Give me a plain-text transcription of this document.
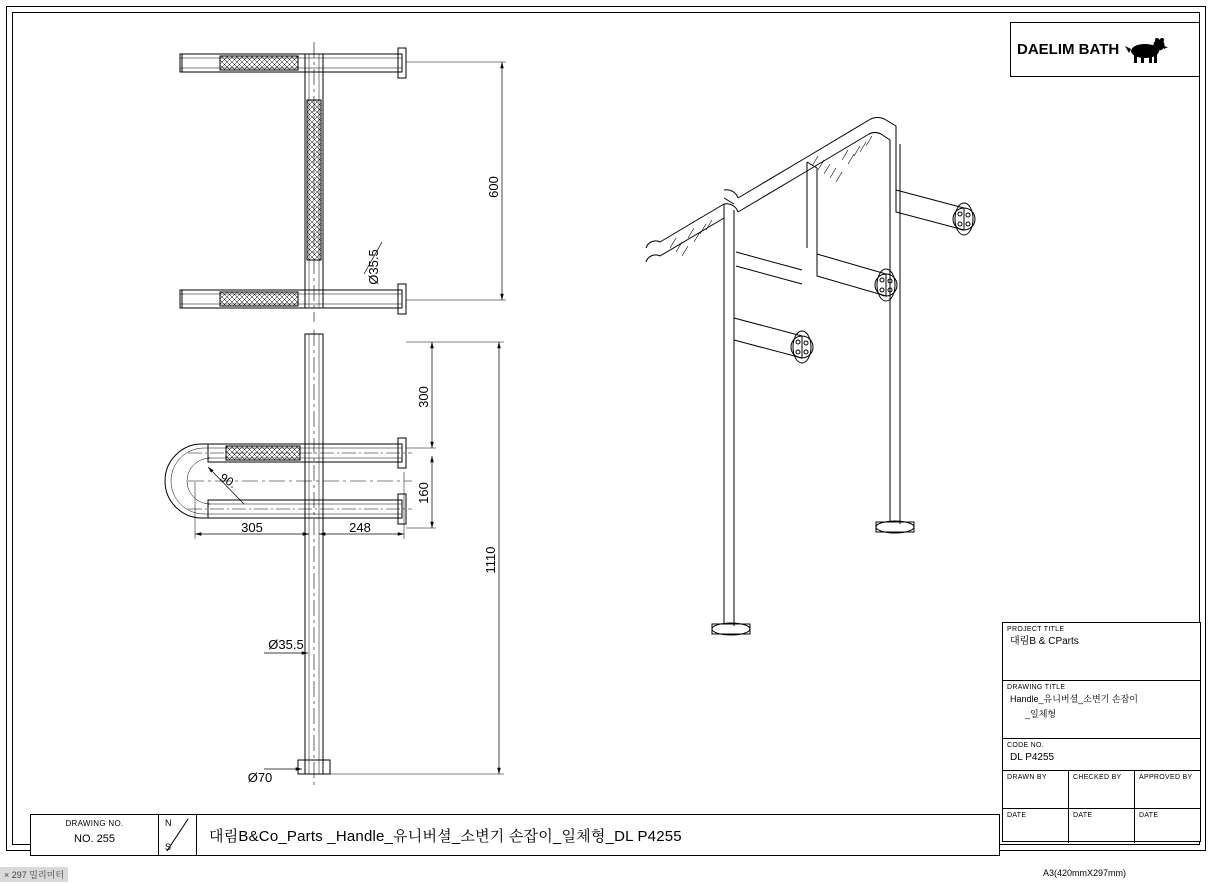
600
Ø35.5
300
160
1110
305	248
90.
Ø35.5
Ø70
DAELIM BATH
PROJECT TITLE
대림B & CParts
DRAWING TITLE
Handle_유니버셜_소변기 손잡이
_일체형
CODE NO.
DL P4255
DRAWN BY	CHECKED BY	APPROVED BY
DATE	DATE	DATE
DRAWING NO.
NO. 255
N
S
대림B&Co_Parts _Handle_유니버셜_소변기 손잡이_일체형_DL P4255
A3(420mmX297mm)
× 297 밀리미터
